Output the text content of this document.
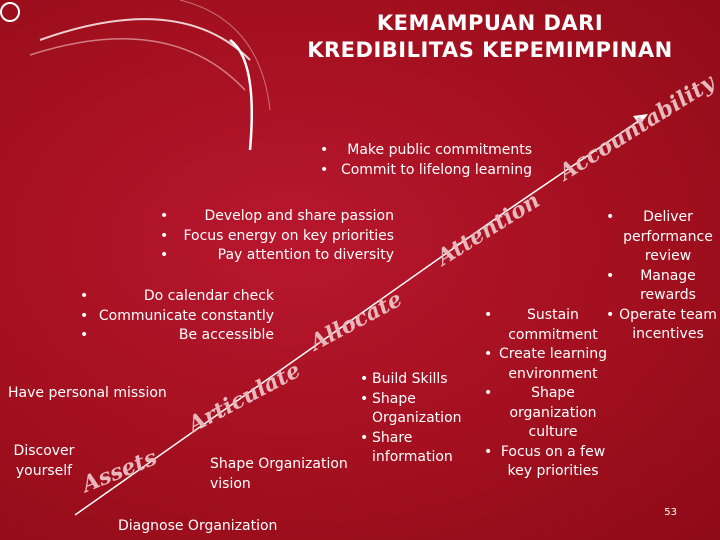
KEMAMPUAN DARI
KREDIBILITAS KEPEMIMPINAN
Assets
Articulate
Allocate
Attention
Accountability
• Make public commitments
• Commit to lifelong learning
• Develop and share passion
• Focus energy on key priorities
• Pay attention to diversity
• Do calendar check
• Communicate constantly
• Be accessible
Have personal mission
Discover yourself
Diagnose Organization
Shape Organization vision
• Build Skills
• Shape Organization
• Share information
• Sustain commitment
• Create learning environment
• Shape organization culture
• Focus on a few key priorities
• Deliver performance review
• Manage rewards
• Operate team incentives
53
